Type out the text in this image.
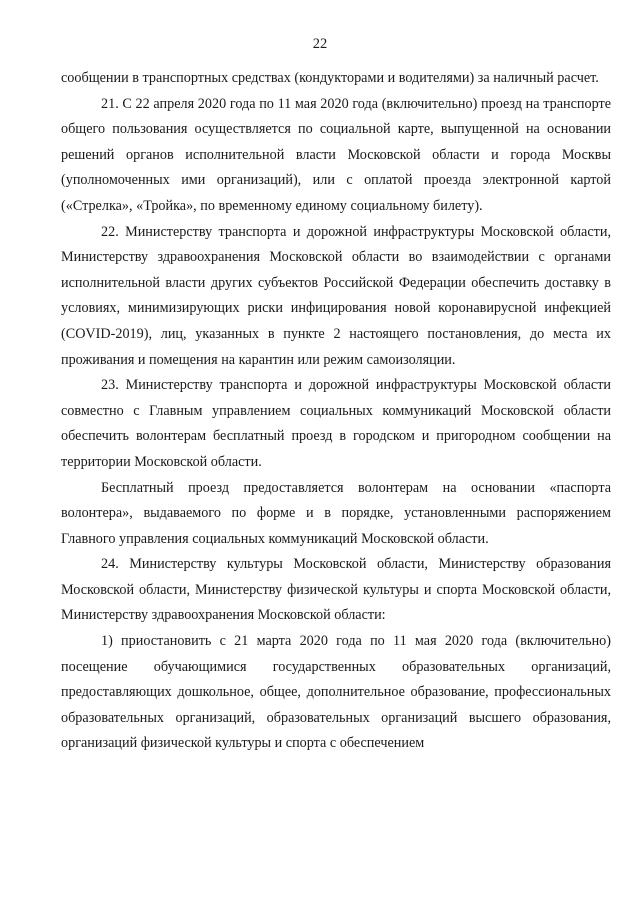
22

сообщении в транспортных средствах (кондукторами и водителями) за наличный расчет.

21. С 22 апреля 2020 года по 11 мая 2020 года (включительно) проезд на транспорте общего пользования осуществляется по социальной карте, выпущенной на основании решений органов исполнительной власти Московской области и города Москвы (уполномоченных ими организаций), или с оплатой проезда электронной картой («Стрелка», «Тройка», по временному единому социальному билету).

22. Министерству транспорта и дорожной инфраструктуры Московской области, Министерству здравоохранения Московской области во взаимодействии с органами исполнительной власти других субъектов Российской Федерации обеспечить доставку в условиях, минимизирующих риски инфицирования новой коронавирусной инфекцией (COVID-2019), лиц, указанных в пункте 2 настоящего постановления, до места их проживания и помещения на карантин или режим самоизоляции.

23. Министерству транспорта и дорожной инфраструктуры Московской области совместно с Главным управлением социальных коммуникаций Московской области обеспечить волонтерам бесплатный проезд в городском и пригородном сообщении на территории Московской области.

Бесплатный проезд предоставляется волонтерам на основании «паспорта волонтера», выдаваемого по форме и в порядке, установленными распоряжением Главного управления социальных коммуникаций Московской области.

24. Министерству культуры Московской области, Министерству образования Московской области, Министерству физической культуры и спорта Московской области, Министерству здравоохранения Московской области:

1) приостановить с 21 марта 2020 года по 11 мая 2020 года (включительно) посещение обучающимися государственных образовательных организаций, предоставляющих дошкольное, общее, дополнительное образование, профессиональных образовательных организаций, образовательных организаций высшего образования, организаций физической культуры и спорта с обеспечением
